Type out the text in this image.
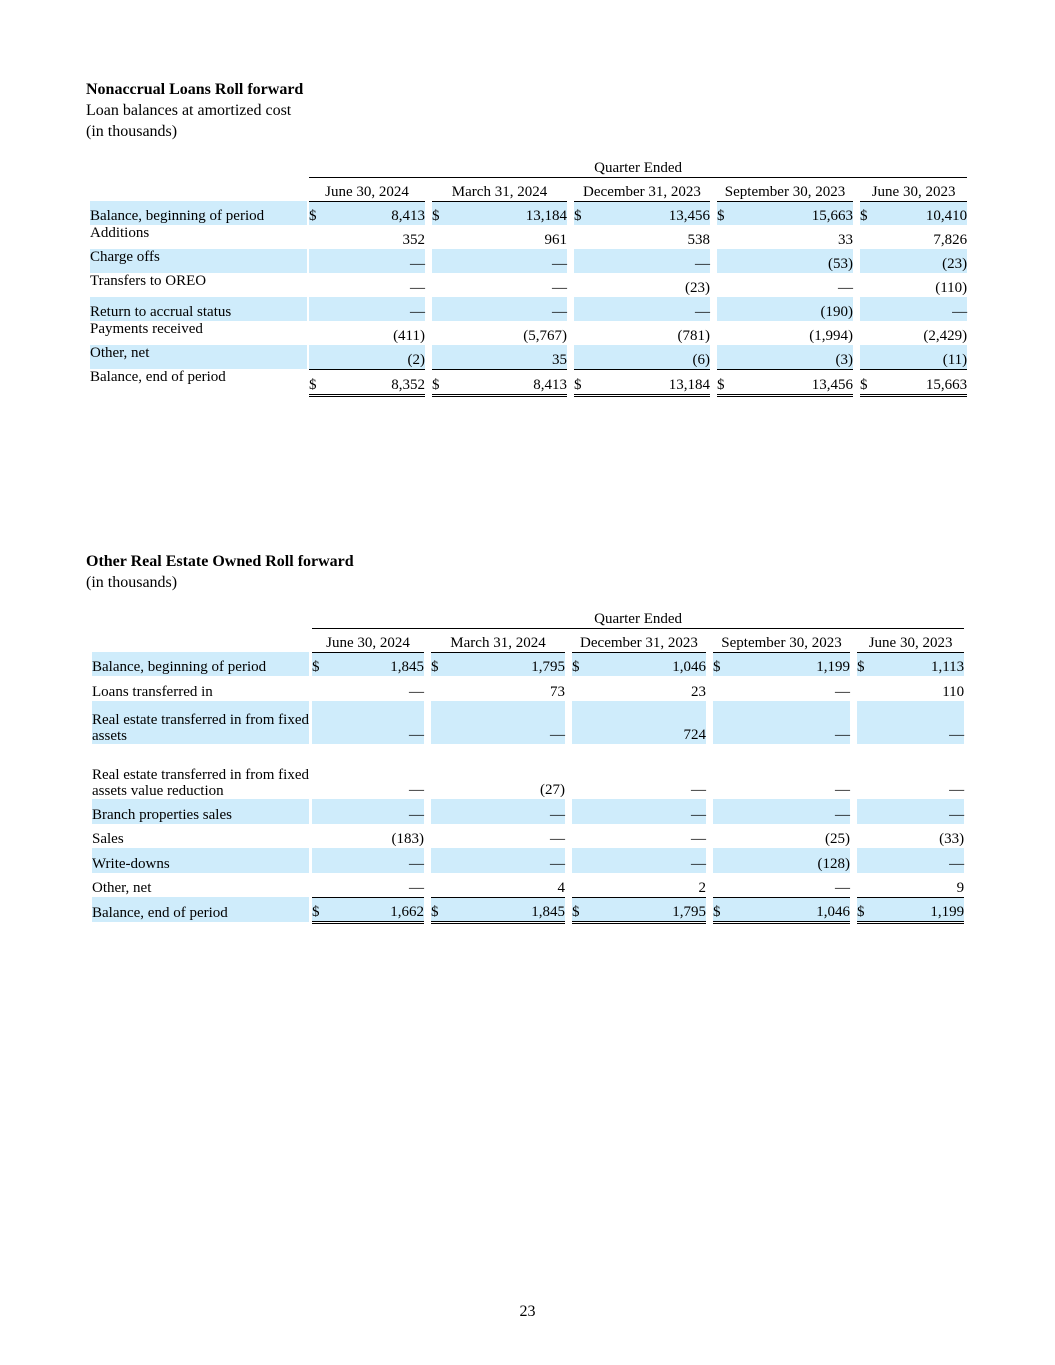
Nonaccrual Loans Roll forward
Loan balances at amortized cost
(in thousands)
		Quarter Ended													
		June 30, 2024			March 31, 2024			December 31, 2023			September 30, 2023			June 30, 2023	
Balance, beginning of period		$	8,413		$	13,184		$	13,456		$	15,663		$	10,410
Additions			352			961			538			33			7,826
Charge offs			—			—			—			(53)			(23)
Transfers to OREO			—			—			(23)			—			(110)
Return to accrual status			—			—			—			(190)			—
Payments received			(411)			(5,767)			(781)			(1,994)			(2,429)
Other, net			(2)			35			(6)			(3)			(11)
Balance, end of period		$	8,352		$	8,413		$	13,184		$	13,456		$	15,663
Other Real Estate Owned Roll forward
(in thousands)
		Quarter Ended													
		June 30, 2024			March 31, 2024			December 31, 2023			September 30, 2023			June 30, 2023	
Balance, beginning of period		$	1,845		$	1,795		$	1,046		$	1,199		$	1,113
Loans transferred in			—			73			23			—			110
Real estate transferred in from fixed assets			—			—			724			—			—
Real estate transferred in from fixed assets value reduction			—			(27)			—			—			—
Branch properties sales			—			—			—			—			—
Sales			(183)			—			—			(25)			(33)
Write-downs			—			—			—			(128)			—
Other, net			—			4			2			—			9
Balance, end of period		$	1,662		$	1,845		$	1,795		$	1,046		$	1,199
23
